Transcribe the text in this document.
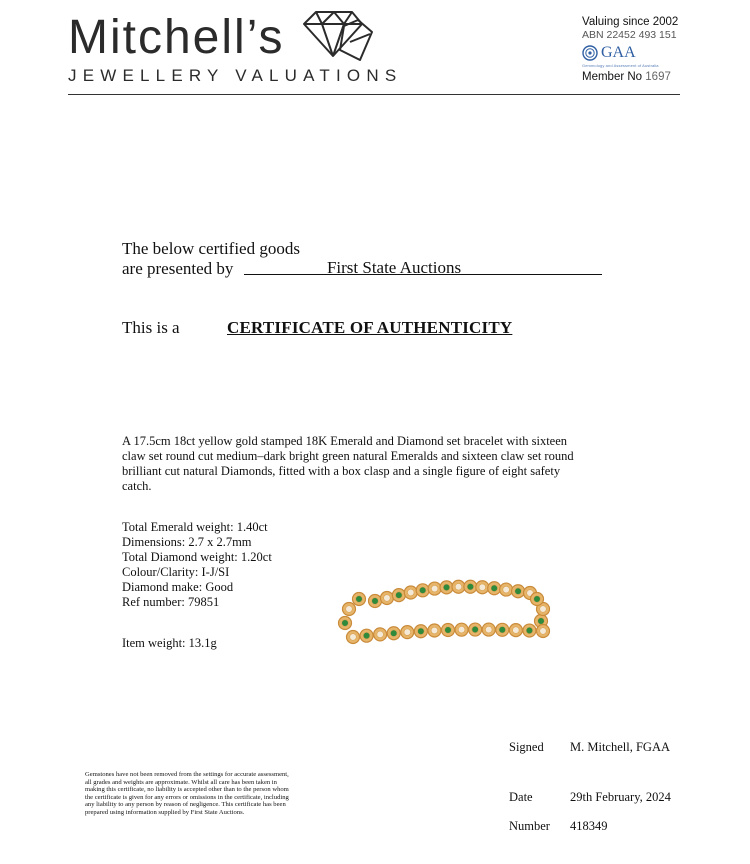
Mitchell’s
JEWELLERY VALUATIONS
Valuing since 2002
ABN 22452 493 151
GAA
Gemmology and Assessment of Australia
Member No 1697
The below certified goods
are presented by	First State Auctions
This is a	CERTIFICATE OF AUTHENTICITY
A 17.5cm 18ct yellow gold stamped 18K Emerald and Diamond set bracelet with sixteen claw set round cut medium–dark bright green natural Emeralds and sixteen claw set round brilliant cut natural Diamonds, fitted with a box clasp and a single figure of eight safety catch.
Total Emerald weight: 1.40ct
Dimensions: 2.7 x 2.7mm
Total Diamond weight: 1.20ct
Colour/Clarity: I-J/SI
Diamond make: Good
Ref number: 79851
Item weight: 13.1g
Signed M. Mitchell, FGAA
Date	29th February, 2024
Number 418349
Gemstones have not been removed from the settings for accurate assessment, all grades and weights are approximate. Whilst all care has been taken in making this certificate, no liability is accepted other than to the person whom the certificate is given for any errors or omissions in the certificate, including any liability to any person by reason of negligence. This certificate has been prepared using information supplied by First State Auctions.
